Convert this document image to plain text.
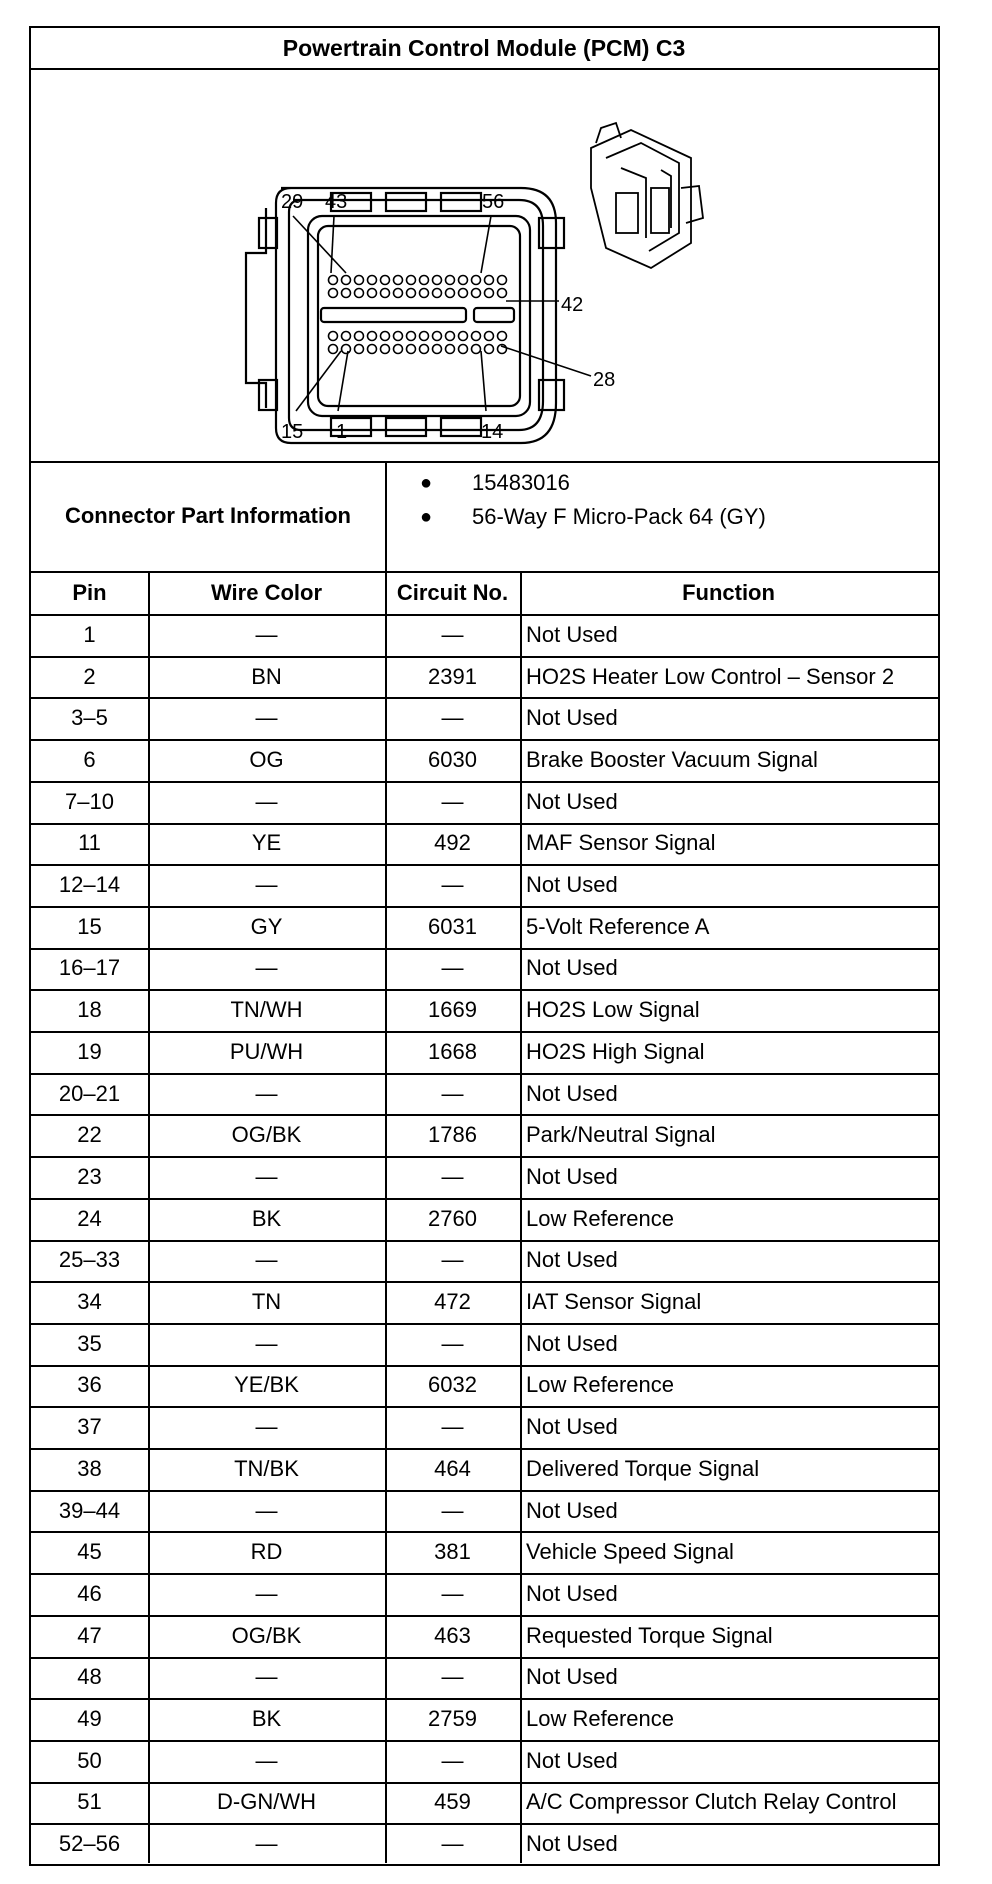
Powertrain Control Module (PCM) C3
29 43	56
42
28
15 1	14
Connector Part Information
●	15483016
●	56-Way F Micro-Pack 64 (GY)
Pin	Wire Color	Circuit No.	Function
1	—	—	Not Used
2	BN	2391	HO2S Heater Low Control – Sensor 2
3–5	—	—	Not Used
6	OG	6030	Brake Booster Vacuum Signal
7–10	—	—	Not Used
11	YE	492	MAF Sensor Signal
12–14	—	—	Not Used
15	GY	6031	5-Volt Reference A
16–17	—	—	Not Used
18	TN/WH	1669	HO2S Low Signal
19	PU/WH	1668	HO2S High Signal
20–21	—	—	Not Used
22	OG/BK	1786	Park/Neutral Signal
23	—	—	Not Used
24	BK	2760	Low Reference
25–33	—	—	Not Used
34	TN	472	IAT Sensor Signal
35	—	—	Not Used
36	YE/BK	6032	Low Reference
37	—	—	Not Used
38	TN/BK	464	Delivered Torque Signal
39–44	—	—	Not Used
45	RD	381	Vehicle Speed Signal
46	—	—	Not Used
47	OG/BK	463	Requested Torque Signal
48	—	—	Not Used
49	BK	2759	Low Reference
50	—	—	Not Used
51	D-GN/WH	459	A/C Compressor Clutch Relay Control
52–56	—	—	Not Used
